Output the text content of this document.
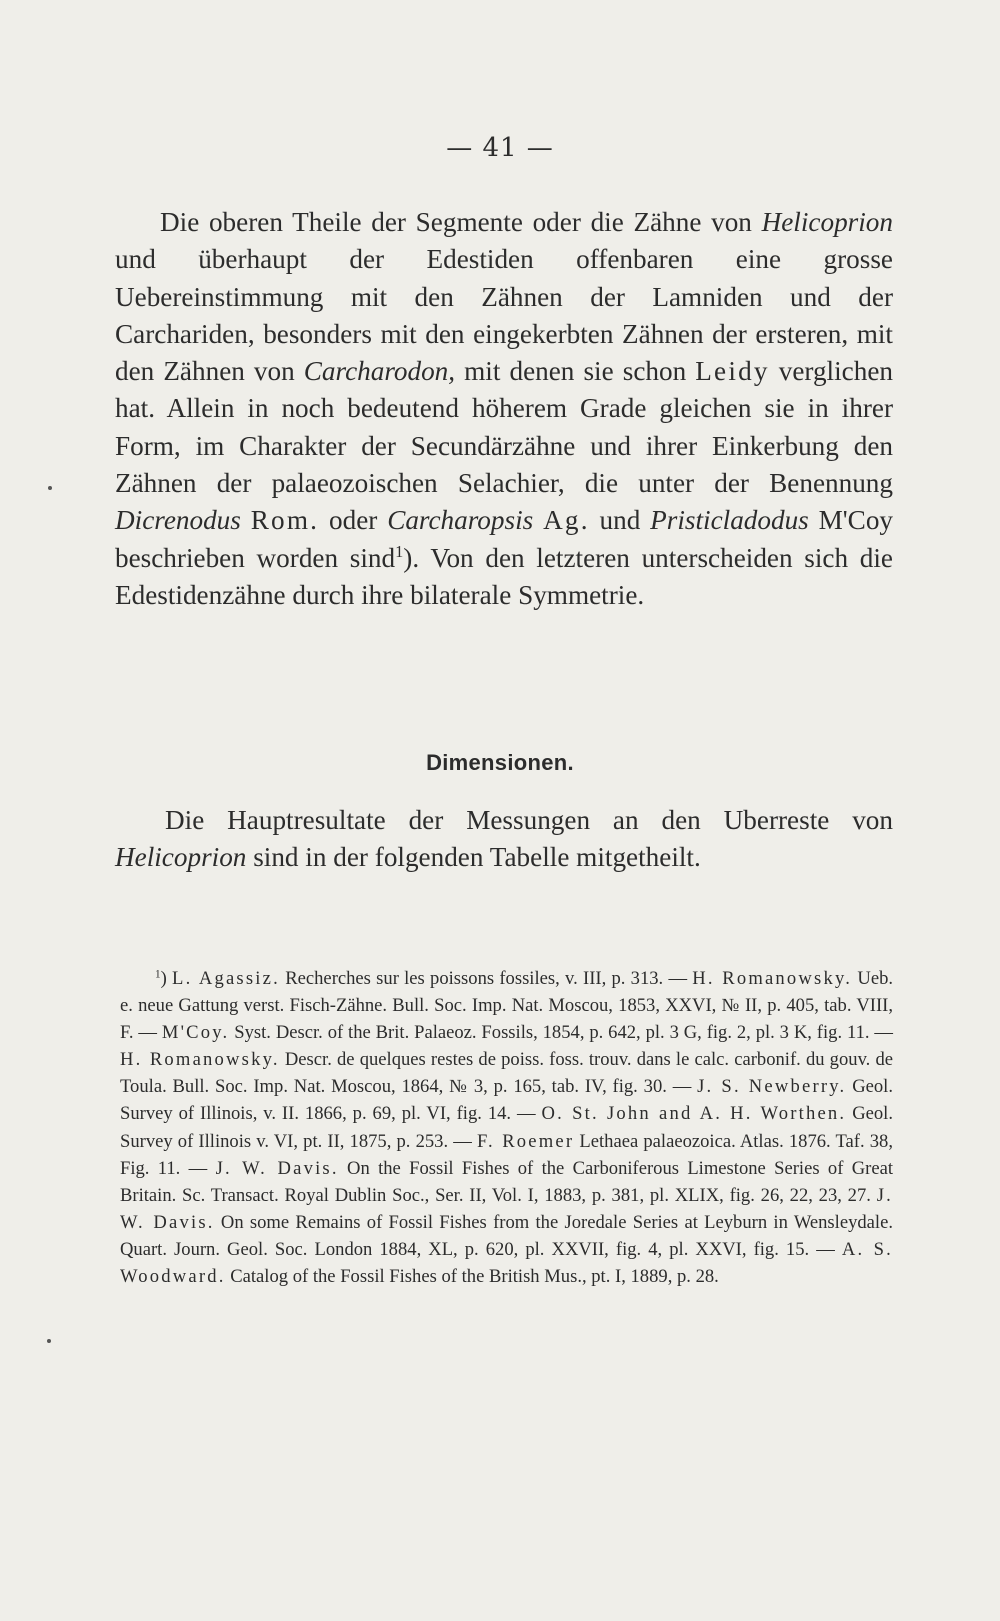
— 41 —
Die oberen Theile der Segmente oder die Zähne von Helicoprion und überhaupt der Edestiden offenbaren eine grosse Uebereinstimmung mit den Zähnen der Lamniden und der Carchariden, besonders mit den eingekerbten Zähnen der ersteren, mit den Zähnen von Carcharodon, mit denen sie schon Leidy verglichen hat. Allein in noch bedeutend höherem Grade gleichen sie in ihrer Form, im Charakter der Secundärzähne und ihrer Einkerbung den Zähnen der palaeozoischen Selachier, die unter der Benennung Dicrenodus Rom. oder Carcharopsis Ag. und Pristicladodus M'Coy beschrieben worden sind$^1$). Von den letzteren unterscheiden sich die Edestidenzähne durch ihre bilaterale Symmetrie.
Dimensionen.
Die Hauptresultate der Messungen an den Uberreste von Helicoprion sind in der folgenden Tabelle mitgetheilt.
$^1$) L. Agassiz. Recherches sur les poissons fossiles, v. III, p. 313. — H. Romanowsky. Ueb. e. neue Gattung verst. Fisch-Zähne. Bull. Soc. Imp. Nat. Moscou, 1853, XXVI, № II, p. 405, tab. VIII, F. — M'Coy. Syst. Descr. of the Brit. Palaeoz. Fossils, 1854, p. 642, pl. 3 G, fig. 2, pl. 3 K, fig. 11. — H. Romanowsky. Descr. de quelques restes de poiss. foss. trouv. dans le calc. carbonif. du gouv. de Toula. Bull. Soc. Imp. Nat. Moscou, 1864, № 3, p. 165, tab. IV, fig. 30. — J. S. Newberry. Geol. Survey of Illinois, v. II. 1866, p. 69, pl. VI, fig. 14. — O. St. John and A. H. Worthen. Geol. Survey of Illinois v. VI, pt. II, 1875, p. 253. — F. Roemer Lethaea palaeozoica. Atlas. 1876. Taf. 38, Fig. 11. — J. W. Davis. On the Fossil Fishes of the Carboniferous Limestone Series of Great Britain. Sc. Transact. Royal Dublin Soc., Ser. II, Vol. I, 1883, p. 381, pl. XLIX, fig. 26, 22, 23, 27. J. W. Davis. On some Remains of Fossil Fishes from the Joredale Series at Leyburn in Wensleydale. Quart. Journ. Geol. Soc. London 1884, XL, p. 620, pl. XXVII, fig. 4, pl. XXVI, fig. 15. — A. S. Woodward. Catalog of the Fossil Fishes of the British Mus., pt. I, 1889, p. 28.
